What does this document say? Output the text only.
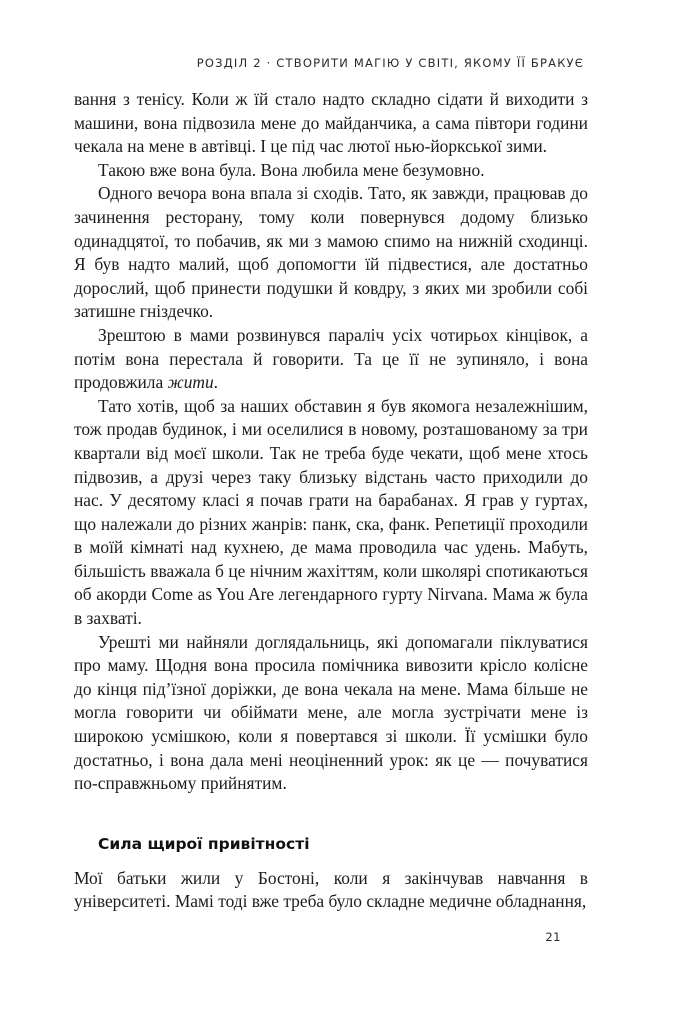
РОЗДІЛ 2 · СТВОРИТИ МАГІЮ У СВІТІ, ЯКОМУ ЇЇ БРАКУЄ

вання з тенісу. Коли ж їй стало надто складно сідати й виходити з машини, вона підвозила мене до майданчика, а сама півтори години чекала на мене в автівці. І це під час лютої нью-йоркської зими.

Такою вже вона була. Вона любила мене безумовно.

Одного вечора вона впала зі сходів. Тато, як завжди, працював до зачинення ресторану, тому коли повернувся додому близько одинадцятої, то побачив, як ми з мамою спимо на нижній сходинці. Я був надто малий, щоб допомогти їй підвестися, але достатньо дорослий, щоб принести подушки й ковдру, з яких ми зробили собі затишне гніздечко.

Зрештою в мами розвинувся параліч усіх чотирьох кінцівок, а потім вона перестала й говорити. Та це її не зупиняло, і вона продовжила жити.

Тато хотів, щоб за наших обставин я був якомога незалежнішим, тож продав будинок, і ми оселилися в новому, розташованому за три квартали від моєї школи. Так не треба буде чекати, щоб мене хтось підвозив, а друзі через таку близьку відстань часто приходили до нас. У десятому класі я почав грати на барабанах. Я грав у гуртах, що належали до різних жанрів: панк, ска, фанк. Репетиції проходили в моїй кімнаті над кухнею, де мама проводила час удень. Мабуть, більшість вважала б це нічним жахіттям, коли школярі спотикаються об акорди Come as You Are легендарного гурту Nirvana. Мама ж була в захваті.

Урешті ми найняли доглядальниць, які допомагали піклуватися про маму. Щодня вона просила помічника вивозити крісло колісне до кінця під’їзної доріжки, де вона чекала на мене. Мама більше не могла говорити чи обіймати мене, але могла зустрічати мене із широкою усмішкою, коли я повертався зі школи. Її усмішки було достатньо, і вона дала мені неоціненний урок: як це — почуватися по-справжньому прийнятим.

Сила щирої привітності

Мої батьки жили у Бостоні, коли я закінчував навчання в університеті. Мамі тоді вже треба було складне медичне обладнання,

21
